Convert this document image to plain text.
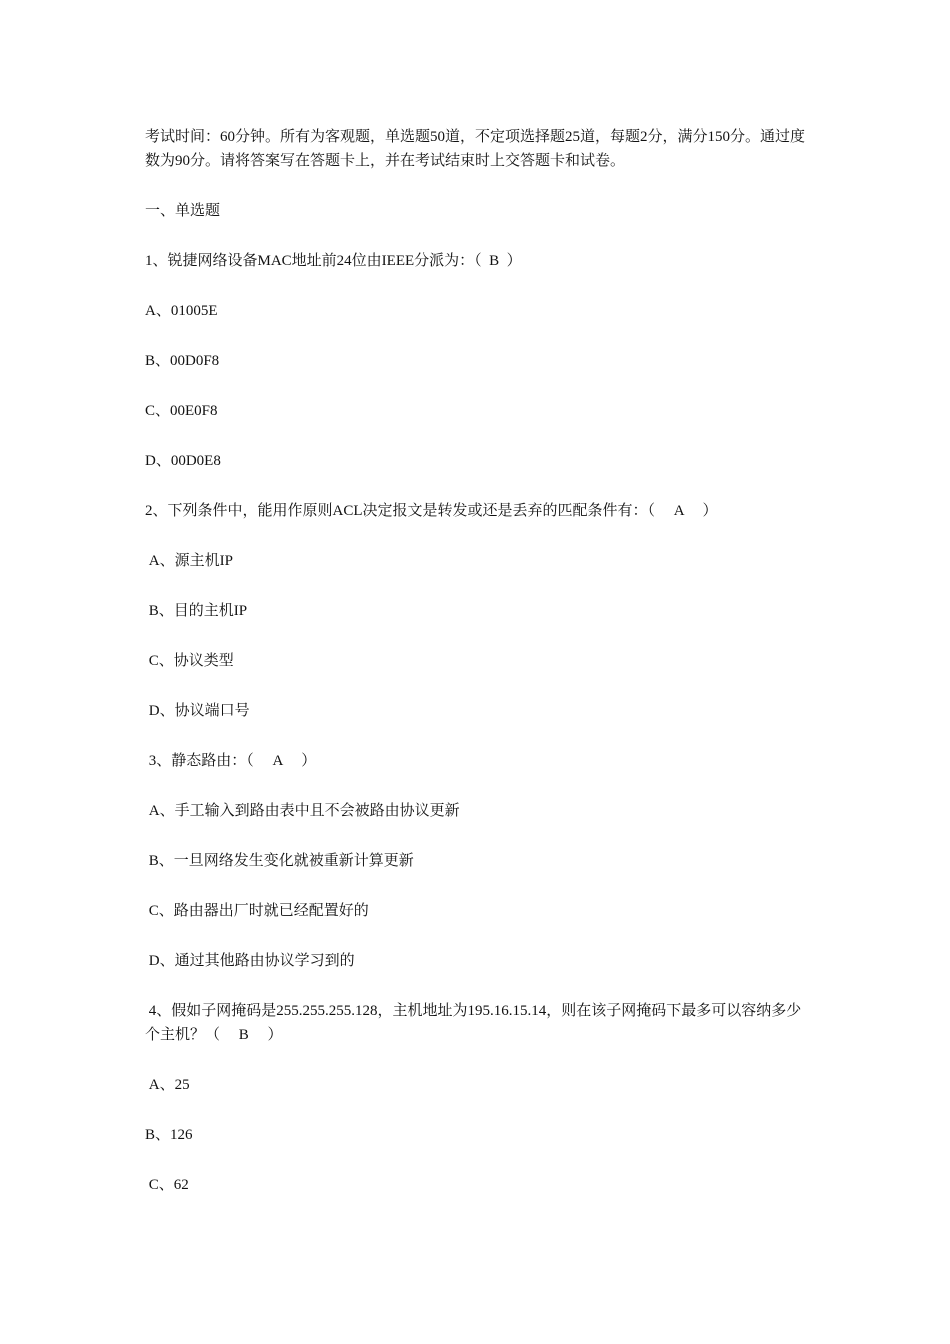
考试时间：60分钟。所有为客观题，单选题50道，不定项选择题25道，每题2分，满分150分。通过度数为90分。请将答案写在答题卡上，并在考试结束时上交答题卡和试卷。

一、单选题

1、锐捷网络设备MAC地址前24位由IEEE分派为：（  B  ）

A、01005E

B、00D0F8

C、00E0F8

D、00D0E8

2、下列条件中，能用作原则ACL决定报文是转发或还是丢弃的匹配条件有：（     A     ）

A、源主机IP

B、目的主机IP

C、协议类型

D、协议端口号

3、静态路由：（     A     ）

A、手工输入到路由表中且不会被路由协议更新

B、一旦网络发生变化就被重新计算更新

C、路由器出厂时就已经配置好的

D、通过其他路由协议学习到的

4、假如子网掩码是255.255.255.128，主机地址为195.16.15.14，则在该子网掩码下最多可以容纳多少个主机？（     B     ）

A、25

B、126

C、62
